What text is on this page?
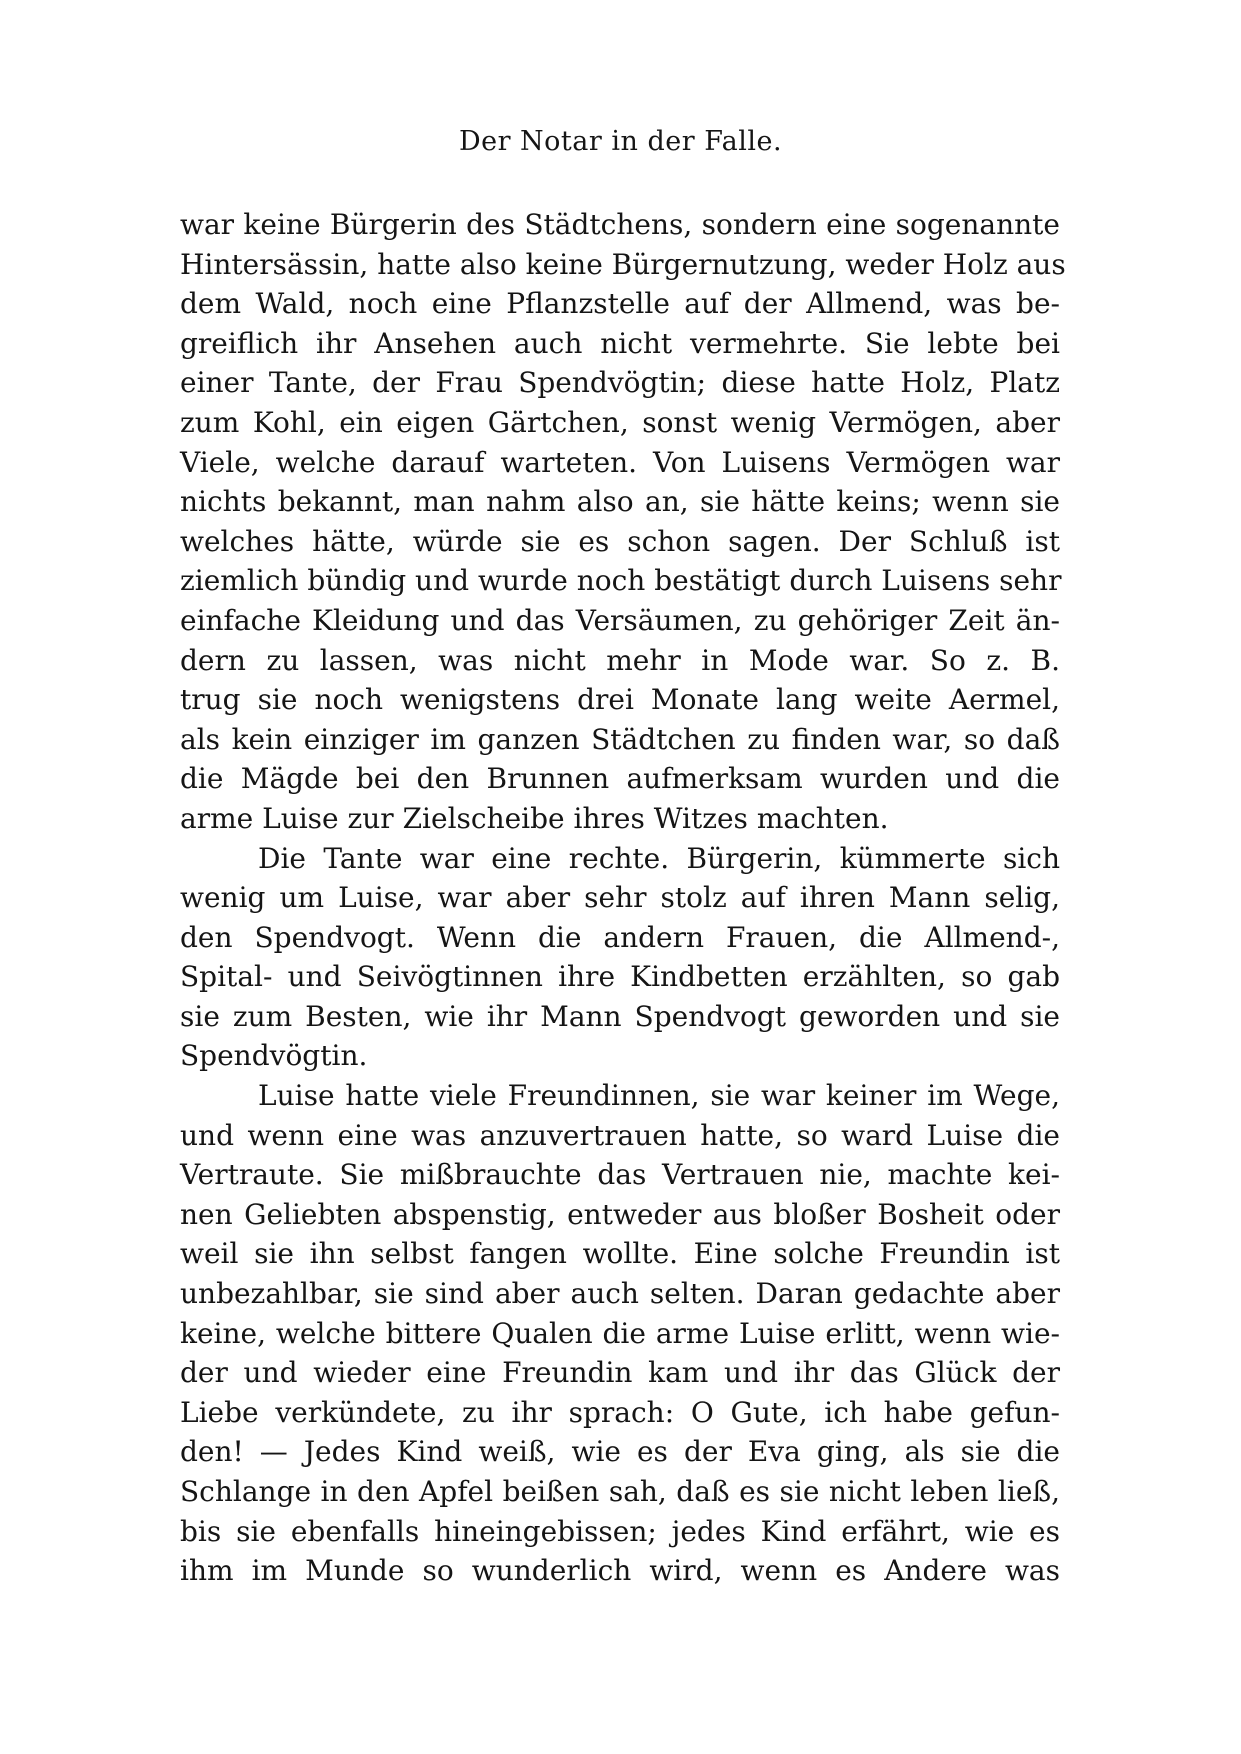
Der Notar in der Falle.
war keine Bürgerin des Städtchens, sondern eine sogenannte
Hintersässin, hatte also keine Bürgernutzung, weder Holz aus
dem Wald, noch eine Pflanzstelle auf der Allmend, was be-
greiflich ihr Ansehen auch nicht vermehrte. Sie lebte bei
einer Tante, der Frau Spendvögtin; diese hatte Holz, Platz
zum Kohl, ein eigen Gärtchen, sonst wenig Vermögen, aber
Viele, welche darauf warteten. Von Luisens Vermögen war
nichts bekannt, man nahm also an, sie hätte keins; wenn sie
welches hätte, würde sie es schon sagen. Der Schluß ist
ziemlich bündig und wurde noch bestätigt durch Luisens sehr
einfache Kleidung und das Versäumen, zu gehöriger Zeit än-
dern zu lassen, was nicht mehr in Mode war. So z. B.
trug sie noch wenigstens drei Monate lang weite Aermel,
als kein einziger im ganzen Städtchen zu finden war, so daß
die Mägde bei den Brunnen aufmerksam wurden und die
arme Luise zur Zielscheibe ihres Witzes machten.
Die Tante war eine rechte. Bürgerin, kümmerte sich
wenig um Luise, war aber sehr stolz auf ihren Mann selig,
den Spendvogt. Wenn die andern Frauen, die Allmend-,
Spital- und Seivögtinnen ihre Kindbetten erzählten, so gab
sie zum Besten, wie ihr Mann Spendvogt geworden und sie
Spendvögtin.
Luise hatte viele Freundinnen, sie war keiner im Wege,
und wenn eine was anzuvertrauen hatte, so ward Luise die
Vertraute. Sie mißbrauchte das Vertrauen nie, machte kei-
nen Geliebten abspenstig, entweder aus bloßer Bosheit oder
weil sie ihn selbst fangen wollte. Eine solche Freundin ist
unbezahlbar, sie sind aber auch selten. Daran gedachte aber
keine, welche bittere Qualen die arme Luise erlitt, wenn wie-
der und wieder eine Freundin kam und ihr das Glück der
Liebe verkündete, zu ihr sprach: O Gute, ich habe gefun-
den! — Jedes Kind weiß, wie es der Eva ging, als sie die
Schlange in den Apfel beißen sah, daß es sie nicht leben ließ,
bis sie ebenfalls hineingebissen; jedes Kind erfährt, wie es
ihm im Munde so wunderlich wird, wenn es Andere was
